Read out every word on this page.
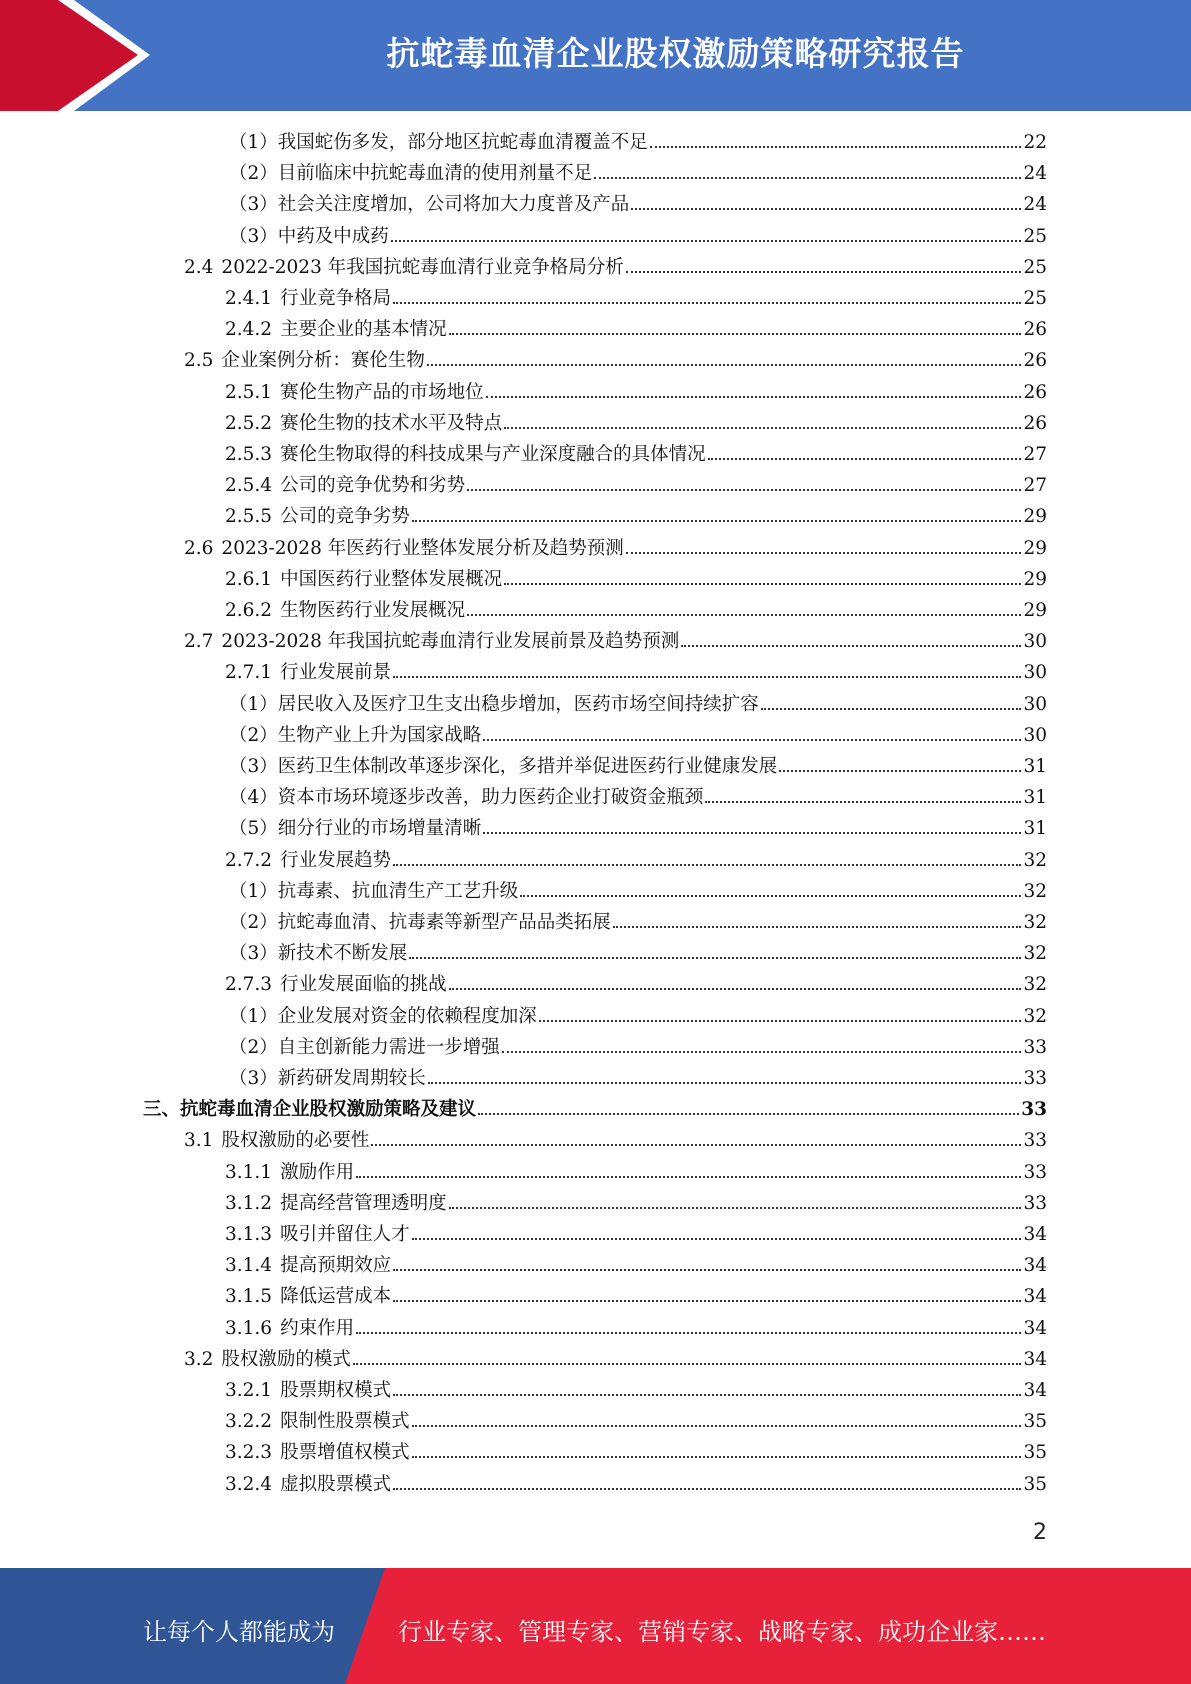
抗蛇毒血清企业股权激励策略研究报告
（1）我国蛇伤多发，部分地区抗蛇毒血清覆盖不足	22
（2）目前临床中抗蛇毒血清的使用剂量不足	24
（3）社会关注度增加，公司将加大力度普及产品	24
（3）中药及中成药	25
2.4 2022-2023 年我国抗蛇毒血清行业竞争格局分析	25
2.4.1 行业竞争格局	25
2.4.2 主要企业的基本情况	26
2.5 企业案例分析：赛伦生物	26
2.5.1 赛伦生物产品的市场地位	26
2.5.2 赛伦生物的技术水平及特点	26
2.5.3 赛伦生物取得的科技成果与产业深度融合的具体情况	27
2.5.4 公司的竞争优势和劣势	27
2.5.5 公司的竞争劣势	29
2.6 2023-2028 年医药行业整体发展分析及趋势预测	29
2.6.1 中国医药行业整体发展概况	29
2.6.2 生物医药行业发展概况	29
2.7 2023-2028 年我国抗蛇毒血清行业发展前景及趋势预测	30
2.7.1 行业发展前景	30
（1）居民收入及医疗卫生支出稳步增加，医药市场空间持续扩容	30
（2）生物产业上升为国家战略	30
（3）医药卫生体制改革逐步深化，多措并举促进医药行业健康发展	31
（4）资本市场环境逐步改善，助力医药企业打破资金瓶颈	31
（5）细分行业的市场增量清晰	31
2.7.2 行业发展趋势	32
（1）抗毒素、抗血清生产工艺升级	32
（2）抗蛇毒血清、抗毒素等新型产品品类拓展	32
（3）新技术不断发展	32
2.7.3 行业发展面临的挑战	32
（1）企业发展对资金的依赖程度加深	32
（2）自主创新能力需进一步增强	33
（3）新药研发周期较长	33
三、抗蛇毒血清企业股权激励策略及建议	33
3.1 股权激励的必要性	33
3.1.1 激励作用	33
3.1.2 提高经营管理透明度	33
3.1.3 吸引并留住人才	34
3.1.4 提高预期效应	34
3.1.5 降低运营成本	34
3.1.6 约束作用	34
3.2 股权激励的模式	34
3.2.1 股票期权模式	34
3.2.2 限制性股票模式	35
3.2.3 股票增值权模式	35
3.2.4 虚拟股票模式	35
2
让每个人都能成为	行业专家、管理专家、营销专家、战略专家、成功企业家……
